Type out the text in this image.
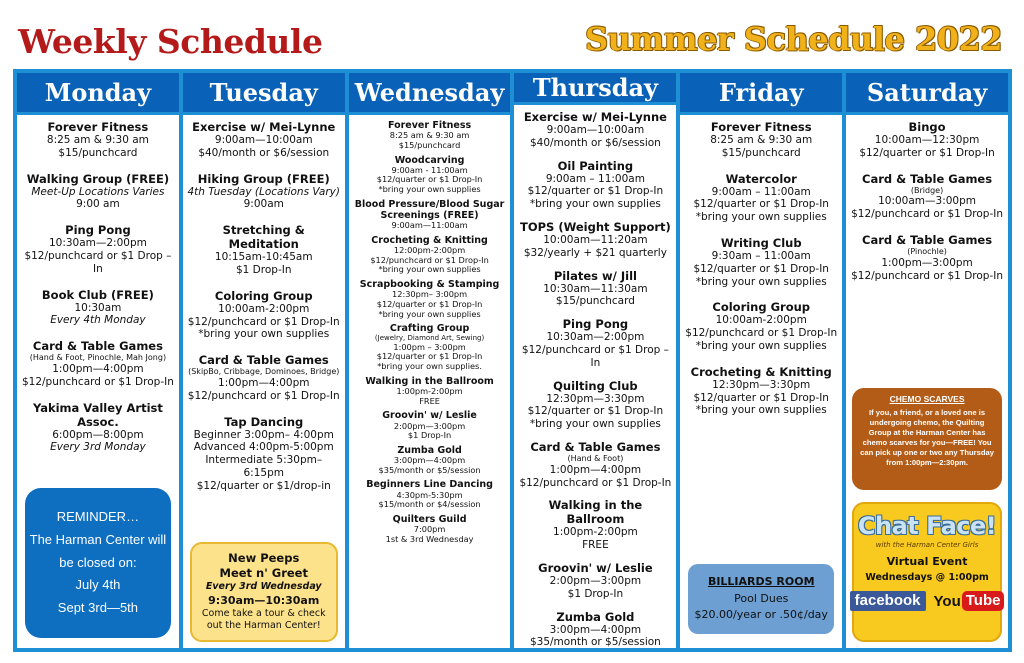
Weekly Schedule	Summer Schedule 2022
Monday
Forever Fitness
8:25 am & 9:30 am
$15/punchcard
Walking Group (FREE)
Meet-Up Locations Varies
9:00 am
Ping Pong
10:30am—2:00pm
$12/punchcard or $1 Drop –In
Book Club (FREE)
10:30am
Every 4th Monday
Card & Table Games
(Hand & Foot, Pinochle, Mah Jong)
1:00pm—4:00pm
$12/punchcard or $1 Drop-In
Yakima Valley Artist Assoc.
6:00pm—8:00pm
Every 3rd Monday
REMINDER…
The Harman Center will
be closed on:
July 4th
Sept 3rd—5th
Tuesday
Exercise w/ Mei-Lynne
9:00am—10:00am
$40/month or $6/session
Hiking Group (FREE)
4th Tuesday (Locations Vary)
9:00am
Stretching & Meditation
10:15am-10:45am
$1 Drop-In
Coloring Group
10:00am-2:00pm
$12/punchcard or $1 Drop-In
*bring your own supplies
Card & Table Games
(SkipBo, Cribbage, Dominoes, Bridge)
1:00pm—4:00pm
$12/punchcard or $1 Drop-In
Tap Dancing
Beginner 3:00pm– 4:00pm
Advanced 4:00pm-5:00pm
Intermediate 5:30pm– 6:15pm
$12/quarter or $1/drop-in
New Peeps
Meet n' Greet
Every 3rd Wednesday
9:30am—10:30am
Come take a tour & check
out the Harman Center!
Wednesday
Forever Fitness
8:25 am & 9:30 am
$15/punchcard
Woodcarving
9:00am - 11:00am
$12/quarter or $1 Drop-In
*bring your own supplies
Blood Pressure/Blood Sugar Screenings (FREE)
9:00am—11:00am
Crocheting & Knitting
12:00pm-2:00pm
$12/punchcard or $1 Drop-In
*bring your own supplies
Scrapbooking & Stamping
12:30pm– 3:00pm
$12/quarter or $1 Drop-In
*bring your own supplies
Crafting Group
(Jewelry, Diamond Art, Sewing)
1:00pm – 3:00pm
$12/quarter or $1 Drop-In
*bring your own supplies.
Walking in the Ballroom
1:00pm-2:00pm
FREE
Groovin' w/ Leslie
2:00pm—3:00pm
$1 Drop-In
Zumba Gold
3:00pm—4:00pm
$35/month or $5/session
Beginners Line Dancing
4:30pm-5:30pm
$15/month or $4/session
Quilters Guild
7:00pm
1st & 3rd Wednesday
Thursday
Exercise w/ Mei-Lynne
9:00am—10:00am
$40/month or $6/session
Oil Painting
9:00am – 11:00am
$12/quarter or $1 Drop-In
*bring your own supplies
TOPS (Weight Support)
10:00am—11:20am
$32/yearly + $21 quarterly
Pilates w/ Jill
10:30am—11:30am
$15/punchcard
Ping Pong
10:30am—2:00pm
$12/punchcard or $1 Drop –In
Quilting Club
12:30pm—3:30pm
$12/quarter or $1 Drop-In
*bring your own supplies
Card & Table Games
(Hand & Foot)
1:00pm—4:00pm
$12/punchcard or $1 Drop-In
Walking in the Ballroom
1:00pm-2:00pm
FREE
Groovin' w/ Leslie
2:00pm—3:00pm
$1 Drop-In
Zumba Gold
3:00pm—4:00pm
$35/month or $5/session
Friday
Forever Fitness
8:25 am & 9:30 am
$15/punchcard
Watercolor
9:00am – 11:00am
$12/quarter or $1 Drop-In
*bring your own supplies
Writing Club
9:30am – 11:00am
$12/quarter or $1 Drop-In
*bring your own supplies
Coloring Group
10:00am-2:00pm
$12/punchcard or $1 Drop-In
*bring your own supplies
Crocheting & Knitting
12:30pm—3:30pm
$12/quarter or $1 Drop-In
*bring your own supplies
BILLIARDS ROOM
Pool Dues
$20.00/year or .50¢/day
Saturday
Bingo
10:00am—12:30pm
$12/quarter or $1 Drop-In
Card & Table Games
(Bridge)
10:00am—3:00pm
$12/punchcard or $1 Drop-In
Card & Table Games
(Pinochle)
1:00pm—3:00pm
$12/punchcard or $1 Drop-In
CHEMO SCARVES
If you, a friend, or a loved one is undergoing chemo, the Quilting Group at the Harman Center has chemo scarves for you—FREE! You can pick up one or two any Thursday from 1:00pm—2:30pm.
Chat Face!
with the Harman Center Girls
Virtual Event
Wednesdays @ 1:00pm
facebook You Tube
